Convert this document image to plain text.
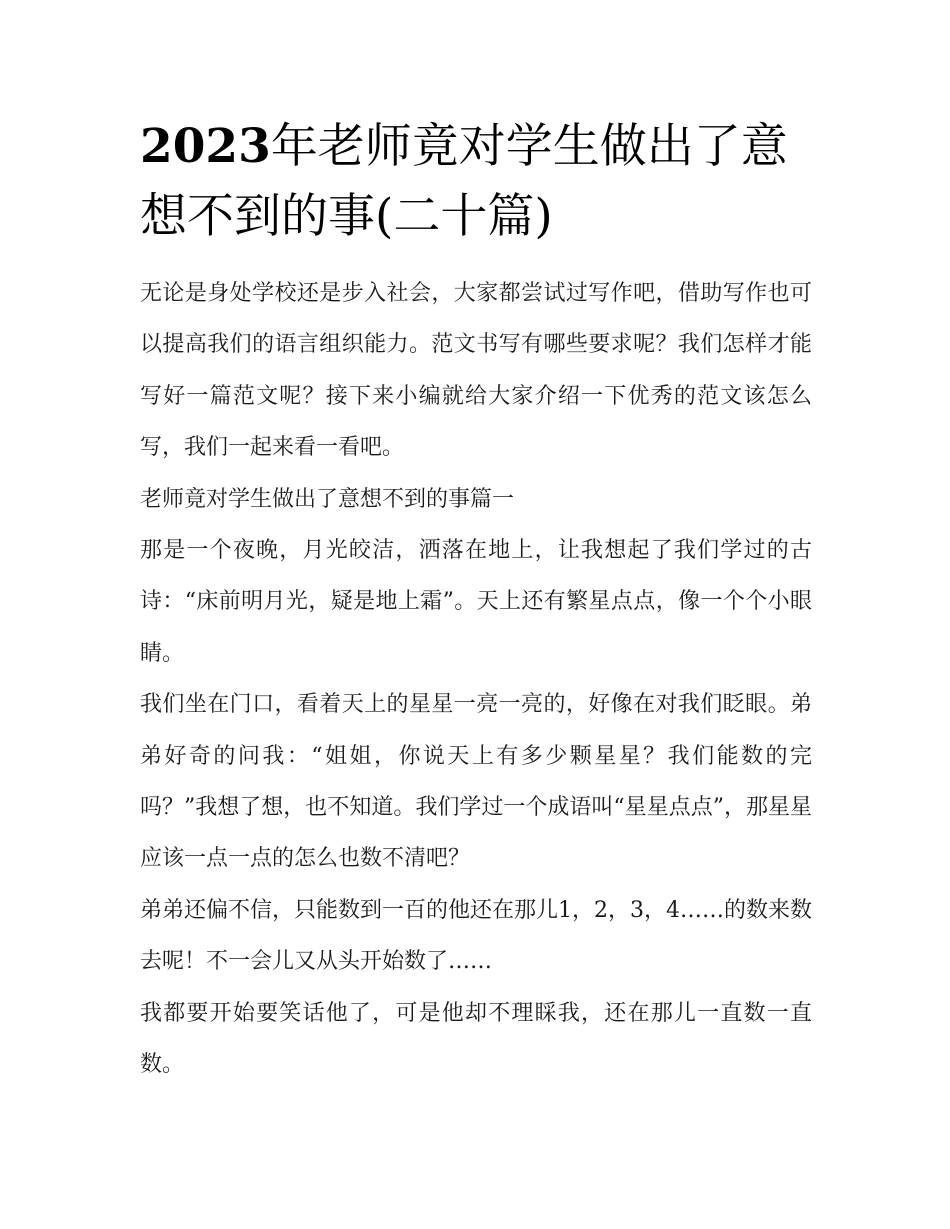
2023年老师竟对学生做出了意想不到的事(二十篇)

无论是身处学校还是步入社会，大家都尝试过写作吧，借助写作也可以提高我们的语言组织能力。范文书写有哪些要求呢？我们怎样才能写好一篇范文呢？接下来小编就给大家介绍一下优秀的范文该怎么写，我们一起来看一看吧。

老师竟对学生做出了意想不到的事篇一

那是一个夜晚，月光皎洁，洒落在地上，让我想起了我们学过的古诗：“床前明月光，疑是地上霜”。天上还有繁星点点，像一个个小眼睛。

我们坐在门口，看着天上的星星一亮一亮的，好像在对我们眨眼。弟弟好奇的问我：“姐姐，你说天上有多少颗星星？我们能数的完吗？”我想了想，也不知道。我们学过一个成语叫“星星点点”，那星星应该一点一点的怎么也数不清吧？

弟弟还偏不信，只能数到一百的他还在那儿1，2，3，4……的数来数去呢！不一会儿又从头开始数了……

我都要开始要笑话他了，可是他却不理睬我，还在那儿一直数一直数。
